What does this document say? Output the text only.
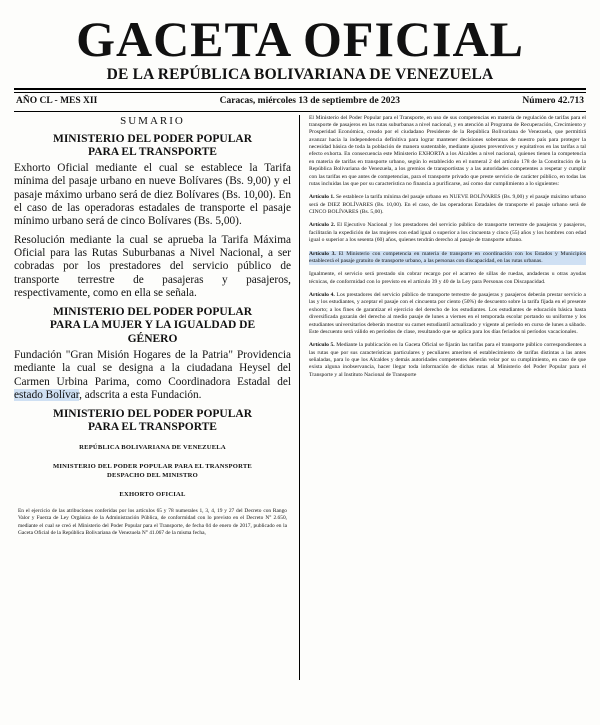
GACETA OFICIAL
DE LA REPÚBLICA BOLIVARIANA DE VENEZUELA
AÑO CL - MES XII	Caracas, miércoles 13 de septiembre de 2023	Número 42.713
SUMARIO
MINISTERIO DEL PODER POPULAR
PARA EL TRANSPORTE

Exhorto Oficial mediante el cual se establece la Tarifa mínima del pasaje urbano en nueve Bolívares (Bs. 9,00) y el pasaje máximo urbano será de diez Bolívares (Bs. 10,00). En el caso de las operadoras estadales de transporte el pasaje mínimo urbano será de cinco Bolívares (Bs. 5,00).

Resolución mediante la cual se aprueba la Tarifa Máxima Oficial para las Rutas Suburbanas a Nivel Nacional, a ser cobradas por los prestadores del servicio público de transporte terrestre de pasajeras y pasajeros, respectivamente, como en ella se señala.

MINISTERIO DEL PODER POPULAR
PARA LA MUJER Y LA IGUALDAD DE
GÉNERO

Fundación "Gran Misión Hogares de la Patria" Providencia mediante la cual se designa a la ciudadana Heysel del Carmen Urbina Parima, como Coordinadora Estadal del estado Bolívar, adscrita a esta Fundación.

MINISTERIO DEL PODER POPULAR
PARA EL TRANSPORTE

REPÚBLICA BOLIVARIANA DE VENEZUELA

MINISTERIO DEL PODER POPULAR PARA EL TRANSPORTE

DESPACHO DEL MINISTRO

EXHORTO OFICIAL

En el ejercicio de las atribuciones conferidas por los artículos 65 y 78 numerales 1, 3, 4, 19 y 27 del Decreto con Rango Valor y Fuerza de Ley Orgánica de la Administración Pública, de conformidad con lo previsto en el Decreto N° 2.650, mediante el cual se creó el Ministerio del Poder Popular para el Transporte, de fecha 04 de enero de 2017, publicado en la Gaceta Oficial de la República Bolivariana de Venezuela N° 41.067 de la misma fecha,

El Ministerio del Poder Popular para el Transporte, en uso de sus competencias en materia de regulación de tarifas para el transporte de pasajeros en las rutas suburbanas a nivel nacional, y en atención al Programa de Recuperación, Crecimiento y Prosperidad Económica, creado por el ciudadano Presidente de la República Bolivariana de Venezuela, que permitirá avanzar hacia la independencia definitiva para lograr mantener decisiones soberanas de nuestro país para proteger la necesidad básica de toda la población de manera sustentable, mediante ajustes preventivos y equitativos en las tarifas a tal efecto exhorta. En consecuencia este Ministerio EXHORTA a los Alcaldes a nivel nacional, quienes tienen la competencia en materia de tarifas en transporte urbano, según lo establecido en el numeral 2 del artículo 178 de la Constitución de la República Bolivariana de Venezuela, a los gremios de transportistas y a las autoridades competentes a respetar y cumplir con las tarifas en que antes de competencias, para el transporte privado que preste servicio de carácter público, en todas las rutas incluidas las que por su característica no financia a purificarse, así como dar cumplimiento a lo siguientes:

Artículo 1. Se establece la tarifa mínima del pasaje urbano en NUEVE BOLÍVARES (Bs. 9,00) y el pasaje máximo urbano será de DIEZ BOLÍVARES (Bs. 10,00). En el caso, de las operadoras Estadales de transporte el pasaje urbano será de CINCO BOLÍVARES (Bs. 5,00).

Artículo 2. El Ejecutivo Nacional y los prestadores del servicio público de transporte terrestre de pasajeras y pasajeros, facilitarán la expedición de las mujeres con edad igual o superior a los cincuenta y cinco (55) años y los hombres con edad igual o superior a los sesenta (60) años, quienes tendrán derecho al pasaje de transporte urbano.

Artículo 3. El Ministerio con competencia en materia de transporte en coordinación con los Estados y Municipios establecerá el pasaje gratuito de transporte urbano, a las personas con discapacidad, en las rutas urbanas.

Igualmente, el servicio será prestado sin cobrar recargo por el acarreo de sillas de ruedas, andaderas u otras ayudas técnicas, de conformidad con lo previsto en el artículo 39 y 40 de la Ley para Personas con Discapacidad.

Artículo 4. Los prestadores del servicio público de transporte terrestre de pasajeras y pasajeros deberán prestar servicio a las y los estudiantes, y aceptar el pasaje con el cincuenta por ciento (50%) de descuento sobre la tarifa fijada en el presente exhorto; a los fines de garantizar el ejercicio del derecho de los estudiantes. Los estudiantes de educación básica hasta diversificada gozarán del derecho al medio pasaje de lunes a viernes en el temporada escolar portando su uniforme y los estudiantes universitarios deberán mostrar su carnet estudiantil actualizado y vigente al período en curso de lunes a sábado. Este descuento será válido en períodos de clase, resultando que se aplica para los días feriados ni períodos vacacionales.

Artículo 5. Mediante la publicación en la Gaceta Oficial se fijarán las tarifas para el transporte público correspondientes a las rutas que por sus características particulares y peculiares ameriten el establecimiento de tarifas distintas a las antes señaladas, para lo que los Alcaldes y demás autoridades competentes deberán velar por su cumplimiento, en caso de que exista alguna inobservancia, hacer llegar toda información de dichas rutas al Ministerio del Poder Popular para el Transporte y al Instituto Nacional de Transporte
